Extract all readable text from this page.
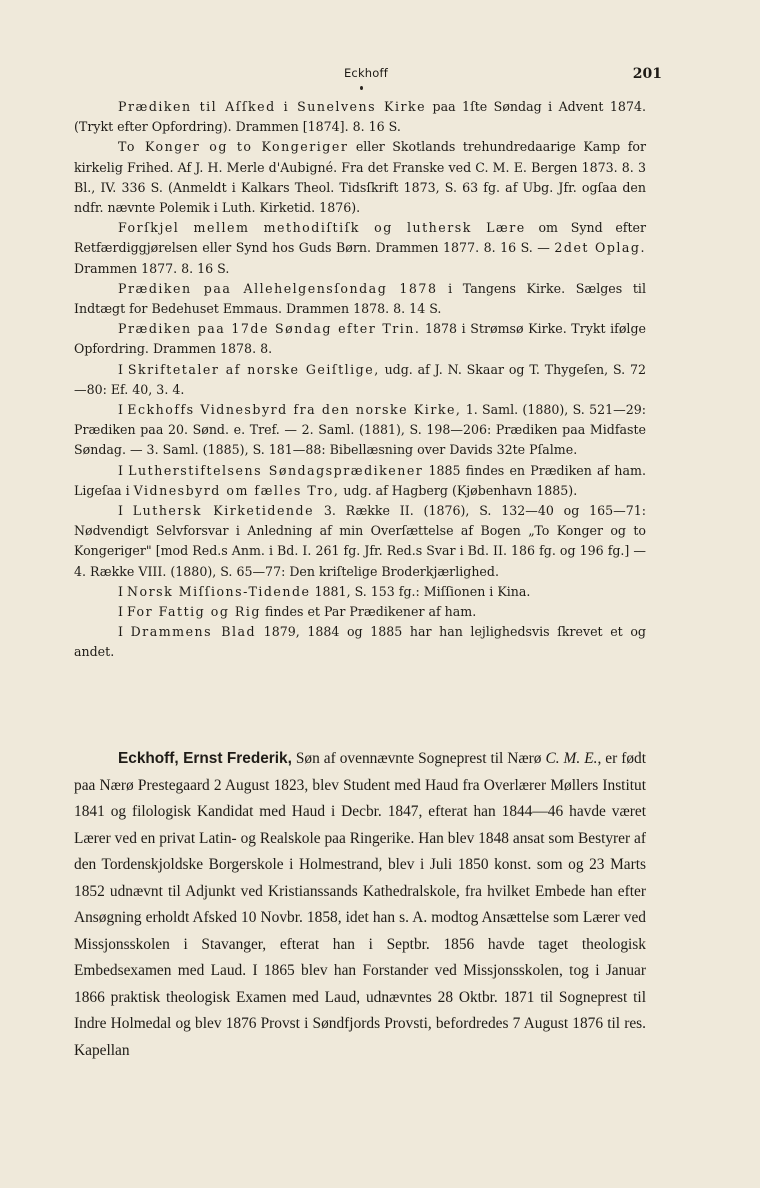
Eckhoff	201

Prædiken til Aſſked i Sunelvens Kirke paa 1ſte Søndag i Advent 1874. (Trykt efter Opfordring). Drammen [1874]. 8. 16 S.

To Konger og to Kongeriger eller Skotlands trehundredaarige Kamp for kirkelig Frihed. Af J. H. Merle d'Aubigné. Fra det Franske ved C. M. E. Bergen 1873. 8. 3 Bl., IV. 336 S. (Anmeldt i Kalkars Theol. Tidsſkrift 1873, S. 63 fg. af Ubg. Jfr. ogſaa den ndfr. nævnte Polemik i Luth. Kirketid. 1876).

Forſkjel mellem methodiſtiſk og luthersk Lære om Synd efter Retfærdiggjørelsen eller Synd hos Guds Børn. Drammen 1877. 8. 16 S. — 2det Oplag. Drammen 1877. 8. 16 S.

Prædiken paa Allehelgensſondag 1878 i Tangens Kirke. Sælges til Indtægt for Bedehuset Emmaus. Drammen 1878. 8. 14 S.

Prædiken paa 17de Søndag efter Trin. 1878 i Strømsø Kirke. Trykt ifølge Opfordring. Drammen 1878. 8.

I Skriftetaler af norske Geiſtlige, udg. af J. N. Skaar og T. Thygeſen, S. 72—80: Ef. 40, 3. 4.

I Eckhoffs Vidnesbyrd fra den norske Kirke, 1. Saml. (1880), S. 521—29: Prædiken paa 20. Sønd. e. Tref. — 2. Saml. (1881), S. 198—206: Prædiken paa Midfaste Søndag. — 3. Saml. (1885), S. 181—88: Bibellæsning over Davids 32te Pſalme.

I Lutherstiftelsens Søndagsprædikener 1885 findes en Prædiken af ham. Ligeſaa i Vidnesbyrd om fælles Tro, udg. af Hagberg (Kjøbenhavn 1885).

I Luthersk Kirketidende 3. Række II. (1876), S. 132—40 og 165—71: Nødvendigt Selvforsvar i Anledning af min Overſættelse af Bogen „To Konger og to Kongeriger" [mod Red.s Anm. i Bd. I. 261 fg. Jfr. Red.s Svar i Bd. II. 186 fg. og 196 fg.] — 4. Række VIII. (1880), S. 65—77: Den kriſtelige Broderkjærlighed.

I Norsk Miſſions-Tidende 1881, S. 153 fg.: Miſſionen i Kina.

I For Fattig og Rig findes et Par Prædikener af ham.

I Drammens Blad 1879, 1884 og 1885 har han lejlighedsvis ſkrevet et og andet.

Eckhoff, Ernst Frederik, Søn af ovennævnte Sogneprest til Nærø C. M. E., er født paa Nærø Prestegaard 2 August 1823, blev Student med Haud fra Overlærer Møllers Institut 1841 og filologisk Kandidat med Haud i Decbr. 1847, efterat han 1844—46 havde været Lærer ved en privat Latin- og Realskole paa Ringerike. Han blev 1848 ansat som Bestyrer af den Tordenskjoldske Borgerskole i Holmestrand, blev i Juli 1850 konst. som og 23 Marts 1852 udnævnt til Adjunkt ved Kristianssands Kathedralskole, fra hvilket Embede han efter Ansøgning erholdt Afsked 10 Novbr. 1858, idet han s. A. modtog Ansættelse som Lærer ved Missjonsskolen i Stavanger, efterat han i Septbr. 1856 havde taget theologisk Embedsexamen med Laud. I 1865 blev han Forstander ved Missjonsskolen, tog i Januar 1866 praktisk theologisk Examen med Laud, udnævntes 28 Oktbr. 1871 til Sogneprest til Indre Holmedal og blev 1876 Provst i Søndfjords Provsti, befordredes 7 August 1876 til res. Kapellan
